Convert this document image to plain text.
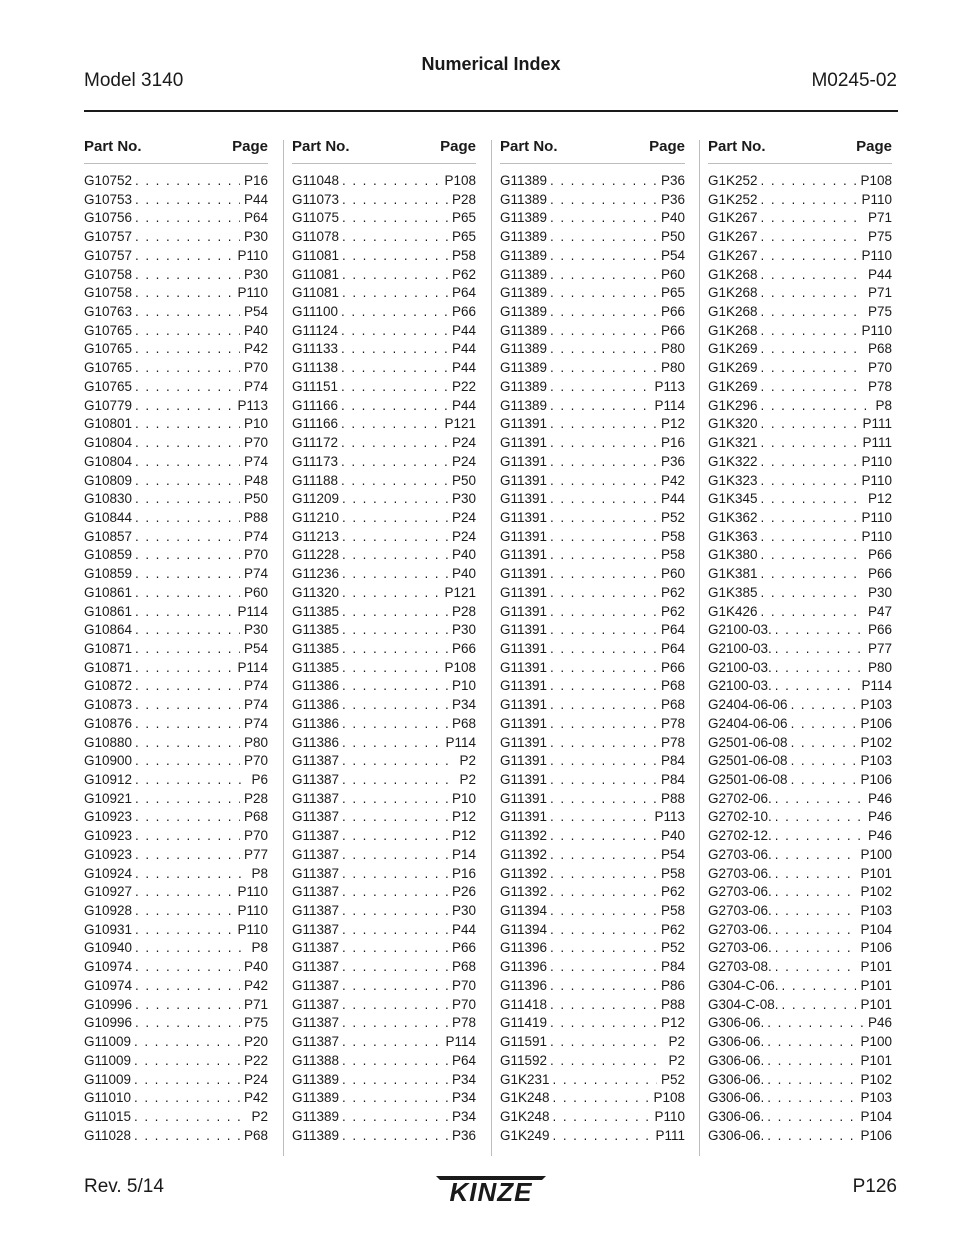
Numerical Index
Model 3140	M0245-02
Part No.	Page
G10752 . . .	P16
G10753 . . .	P44
G10756 . . .	P64
G10757 . . .	P30
G10757 . . .	P110
G10758 . . .	P30
G10758 . . .	P110
G10763 . . .	P54
G10765 . . .	P40
G10765 . . .	P42
G10765 . . .	P70
G10765 . . .	P74
G10779 . . .	P113
G10801 . . .	P10
G10804 . . .	P70
G10804 . . .	P74
G10809 . . .	P48
G10830 . . .	P50
G10844 . . .	P88
G10857 . . .	P74
G10859 . . .	P70
G10859 . . .	P74
G10861 . . .	P60
G10861 . . .	P114
G10864 . . .	P30
G10871 . . .	P54
G10871 . . .	P114
G10872 . . .	P74
G10873 . . .	P74
G10876 . . .	P74
G10880 . . .	P80
G10900 . . .	P70
G10912 . . .	P6
G10921 . . .	P28
G10923 . . .	P68
G10923 . . .	P70
G10923 . . .	P77
G10924 . . .	P8
G10927 . . .	P110
G10928 . . .	P110
G10931 . . .	P110
G10940 . . .	P8
G10974 . . .	P40
G10974 . . .	P42
G10996 . . .	P71
G10996 . . .	P75
G11009 . . .	P20
G11009 . . .	P22
G11009 . . .	P24
G11010 . . .	P42
G11015 . . .	P2
G11028 . . .	P68
Part No.	Page
G11048 . . .	P108
G11073 . . .	P28
G11075 . . .	P65
G11078 . . .	P65
G11081 . . .	P58
G11081 . . .	P62
G11081 . . .	P64
G11100 . . .	P66
G11124 . . .	P44
G11133 . . .	P44
G11138 . . .	P44
G11151 . . .	P22
G11166 . . .	P44
G11166 . . .	P121
G11172 . . .	P24
G11173 . . .	P24
G11188 . . .	P50
G11209 . . .	P30
G11210 . . .	P24
G11213 . . .	P24
G11228 . . .	P40
G11236 . . .	P40
G11320 . . .	P121
G11385 . . .	P28
G11385 . . .	P30
G11385 . . .	P66
G11385 . . .	P108
G11386 . . .	P10
G11386 . . .	P34
G11386 . . .	P68
G11386 . . .	P114
G11387 . . .	P2
G11387 . . .	P2
G11387 . . .	P10
G11387 . . .	P12
G11387 . . .	P12
G11387 . . .	P14
G11387 . . .	P16
G11387 . . .	P26
G11387 . . .	P30
G11387 . . .	P44
G11387 . . .	P66
G11387 . . .	P68
G11387 . . .	P70
G11387 . . .	P70
G11387 . . .	P78
G11387 . . .	P114
G11388 . . .	P64
G11389 . . .	P34
G11389 . . .	P34
G11389 . . .	P34
G11389 . . .	P36
Part No.	Page
G11389 . . .	P36
G11389 . . .	P36
G11389 . . .	P40
G11389 . . .	P50
G11389 . . .	P54
G11389 . . .	P60
G11389 . . .	P65
G11389 . . .	P66
G11389 . . .	P66
G11389 . . .	P80
G11389 . . .	P80
G11389 . . .	P113
G11389 . . .	P114
G11391 . . .	P12
G11391 . . .	P16
G11391 . . .	P36
G11391 . . .	P42
G11391 . . .	P44
G11391 . . .	P52
G11391 . . .	P58
G11391 . . .	P58
G11391 . . .	P60
G11391 . . .	P62
G11391 . . .	P62
G11391 . . .	P64
G11391 . . .	P64
G11391 . . .	P66
G11391 . . .	P68
G11391 . . .	P68
G11391 . . .	P78
G11391 . . .	P78
G11391 . . .	P84
G11391 . . .	P84
G11391 . . .	P88
G11391 . . .	P113
G11392 . . .	P40
G11392 . . .	P54
G11392 . . .	P58
G11392 . . .	P62
G11394 . . .	P58
G11394 . . .	P62
G11396 . . .	P52
G11396 . . .	P84
G11396 . . .	P86
G11418 . . .	P88
G11419 . . .	P12
G11591 . . .	P2
G11592 . . .	P2
G1K231 . . .	P52
G1K248 . . .	P108
G1K248 . . .	P110
G1K249 . . .	P111
Part No.	Page
G1K252 . . .	P108
G1K252 . . .	P110
G1K267 . . .	P71
G1K267 . . .	P75
G1K267 . . .	P110
G1K268 . . .	P44
G1K268 . . .	P71
G1K268 . . .	P75
G1K268 . . .	P110
G1K269 . . .	P68
G1K269 . . .	P70
G1K269 . . .	P78
G1K296 . . .	P8
G1K320 . . .	P111
G1K321 . . .	P111
G1K322 . . .	P110
G1K323 . . .	P110
G1K345 . . .	P12
G1K362 . . .	P110
G1K363 . . .	P110
G1K380 . . .	P66
G1K381 . . .	P66
G1K385 . . .	P30
G1K426 . . .	P47
G2100-03. . . .	P66
G2100-03. . . .	P77
G2100-03. . . .	P80
G2100-03. . . .	P114
G2404-06-06 . . .	P103
G2404-06-06 . . .	P106
G2501-06-08 . . .	P102
G2501-06-08 . . .	P103
G2501-06-08 . . .	P106
G2702-06. . . .	P46
G2702-10. . . .	P46
G2702-12. . . .	P46
G2703-06. . . .	P100
G2703-06. . . .	P101
G2703-06. . . .	P102
G2703-06. . . .	P103
G2703-06. . . .	P104
G2703-06. . . .	P106
G2703-08. . . .	P101
G304-C-06. . . .	P101
G304-C-08. . . .	P101
G306-06. . . .	P46
G306-06. . . .	P100
G306-06. . . .	P101
G306-06. . . .	P102
G306-06. . . .	P103
G306-06. . . .	P104
G306-06. . . .	P106
Rev. 5/14	KINZE	P126
